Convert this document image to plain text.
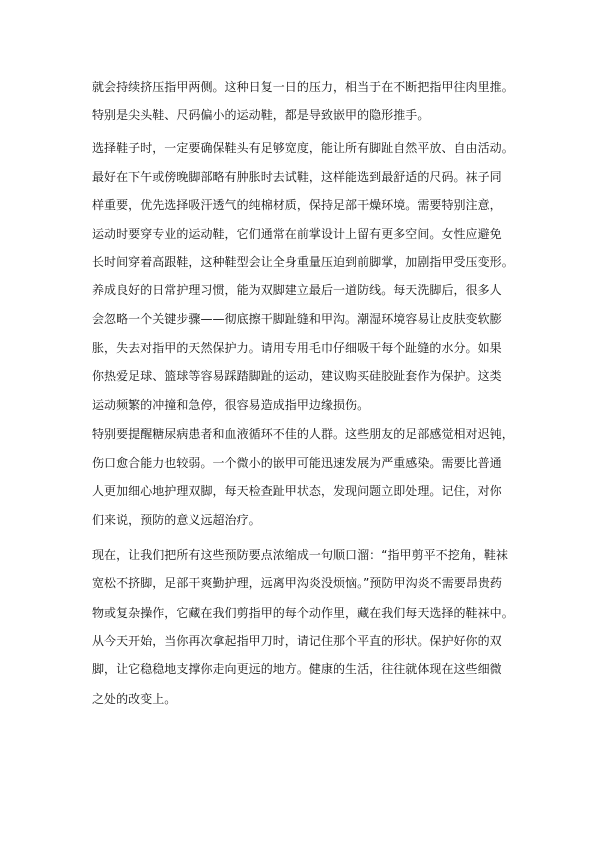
就会持续挤压指甲两侧。这种日复一日的压力，相当于在不断把指甲往肉里推。
特别是尖头鞋、尺码偏小的运动鞋，都是导致嵌甲的隐形推手。
选择鞋子时，一定要确保鞋头有足够宽度，能让所有脚趾自然平放、自由活动。
最好在下午或傍晚脚部略有肿胀时去试鞋，这样能选到最舒适的尺码。袜子同
样重要，优先选择吸汗透气的纯棉材质，保持足部干燥环境。需要特别注意，
运动时要穿专业的运动鞋，它们通常在前掌设计上留有更多空间。女性应避免
长时间穿着高跟鞋，这种鞋型会让全身重量压迫到前脚掌，加剧指甲受压变形。
养成良好的日常护理习惯，能为双脚建立最后一道防线。每天洗脚后，很多人
会忽略一个关键步骤——彻底擦干脚趾缝和甲沟。潮湿环境容易让皮肤变软膨
胀，失去对指甲的天然保护力。请用专用毛巾仔细吸干每个趾缝的水分。如果
你热爱足球、篮球等容易踩踏脚趾的运动，建议购买硅胶趾套作为保护。这类
运动频繁的冲撞和急停，很容易造成指甲边缘损伤。
特别要提醒糖尿病患者和血液循环不佳的人群。这些朋友的足部感觉相对迟钝，
伤口愈合能力也较弱。一个微小的嵌甲可能迅速发展为严重感染。需要比普通
人更加细心地护理双脚，每天检查趾甲状态，发现问题立即处理。记住，对你
们来说，预防的意义远超治疗。
现在，让我们把所有这些预防要点浓缩成一句顺口溜：“指甲剪平不挖角，鞋袜
宽松不挤脚，足部干爽勤护理，远离甲沟炎没烦恼。”预防甲沟炎不需要昂贵药
物或复杂操作，它藏在我们剪指甲的每个动作里，藏在我们每天选择的鞋袜中。
从今天开始，当你再次拿起指甲刀时，请记住那个平直的形状。保护好你的双
脚，让它稳稳地支撑你走向更远的地方。健康的生活，往往就体现在这些细微
之处的改变上。
